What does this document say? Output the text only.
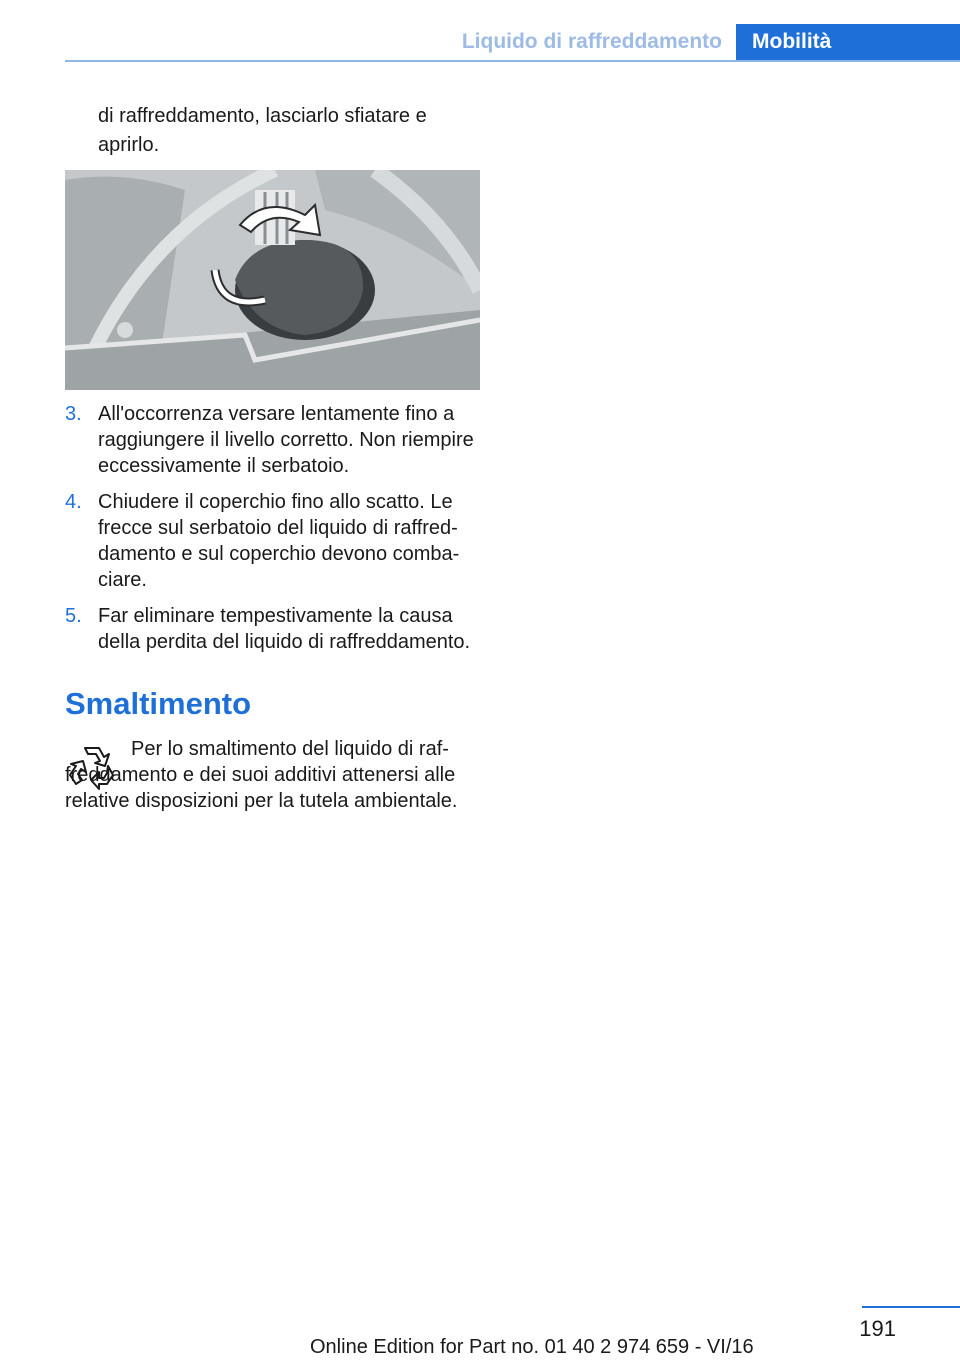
Liquido di raffreddamento	Mobilità
di raffreddamento, lasciarlo sfiatare e aprirlo.
3. All'occorrenza versare lentamente fino a raggiungere il livello corretto. Non riempire eccessivamente il serbatoio.
4. Chiudere il coperchio fino allo scatto. Le frecce sul serbatoio del liquido di raffreddamento e sul coperchio devono combaciare.
5. Far eliminare tempestivamente la causa della perdita del liquido di raffreddamento.
Smaltimento
Per lo smaltimento del liquido di raffreddamento e dei suoi additivi attenersi alle relative disposizioni per la tutela ambientale.
191
Online Edition for Part no. 01 40 2 974 659 - VI/16
